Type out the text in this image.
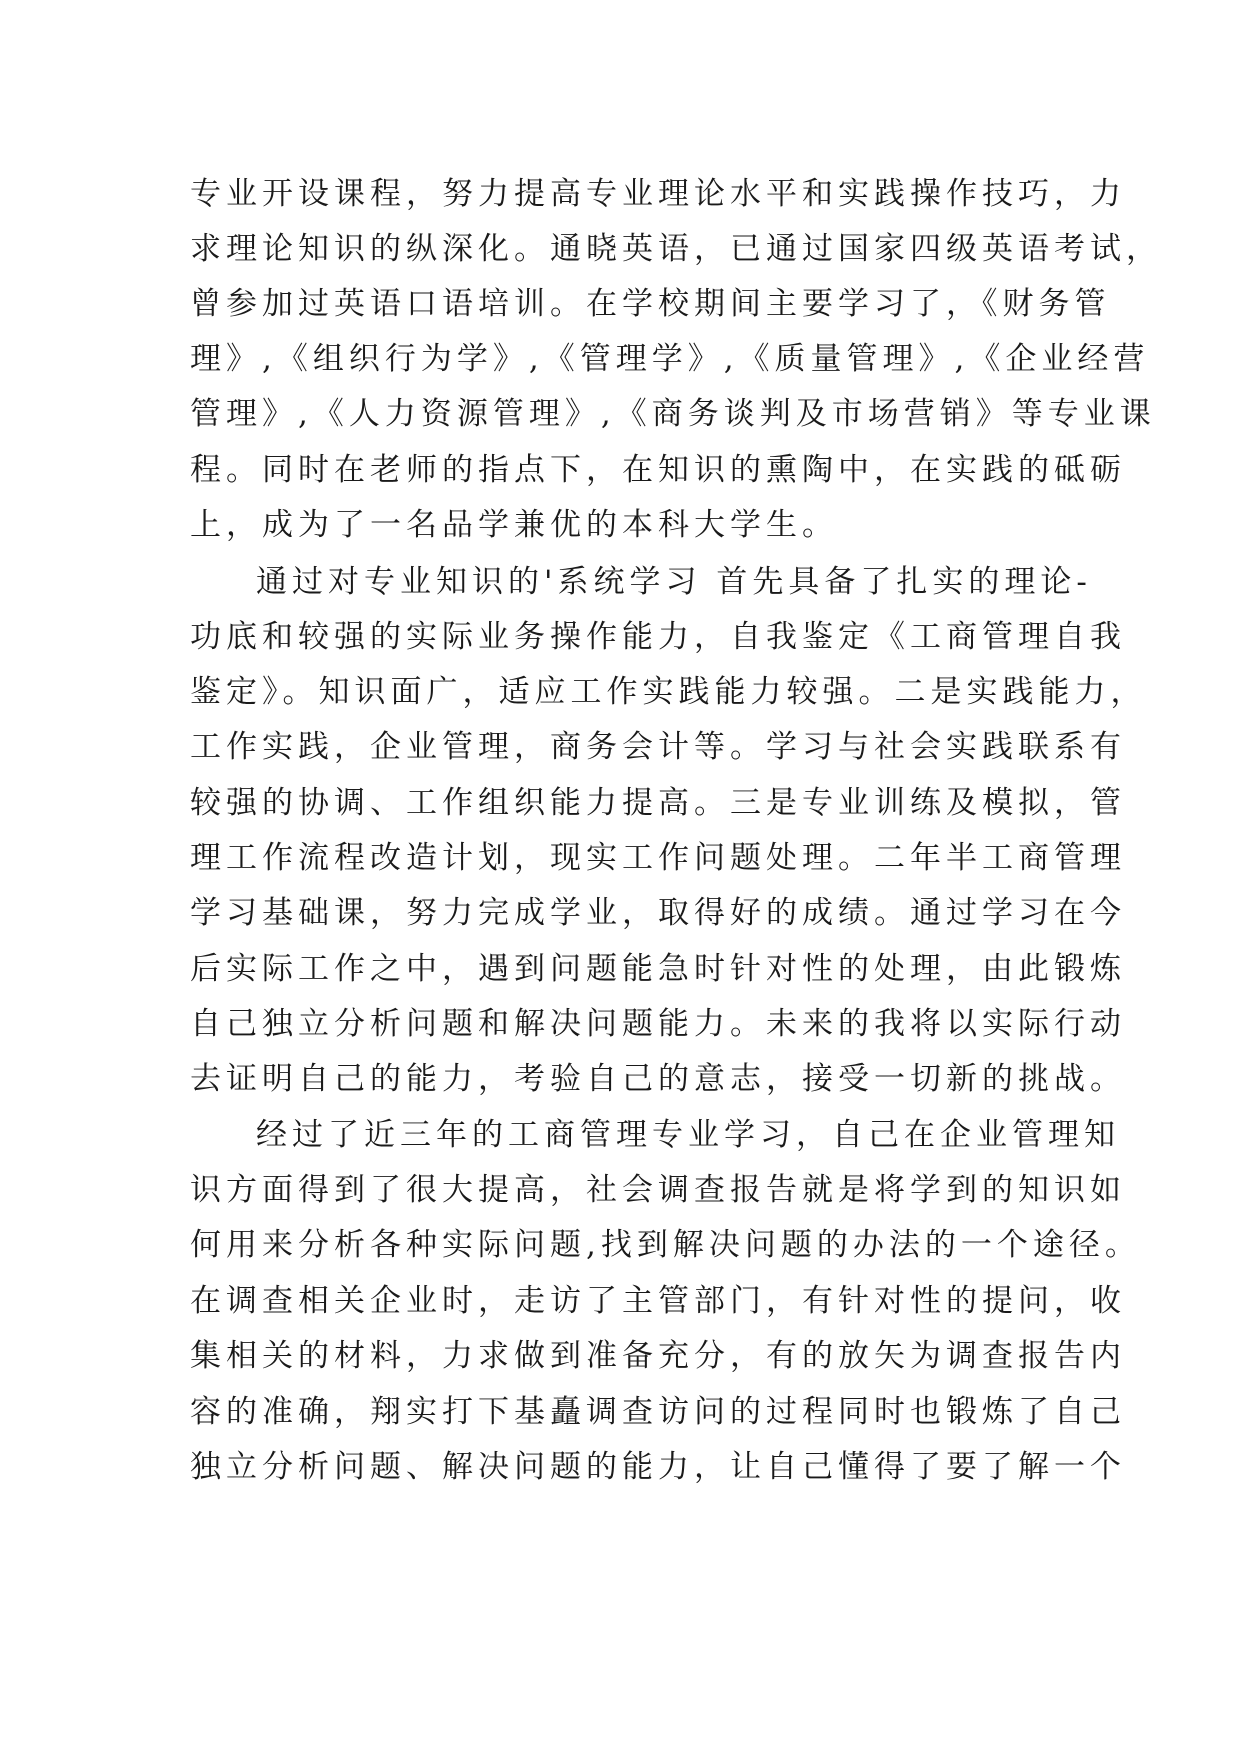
专业开设课程，努力提高专业理论水平和实践操作技巧，力
求理论知识的纵深化。通晓英语，已通过国家四级英语考试，
曾参加过英语口语培训。在学校期间主要学习了，《财务管
理》,《组织行为学》,《管理学》,《质量管理》,《企业经营
管理》,《人力资源管理》,《商务谈判及市场营销》等专业课
程。同时在老师的指点下，在知识的熏陶中，在实践的砥砺
上，成为了一名品学兼优的本科大学生。
通过对专业知识的'系统学习 首先具备了扎实的理论-
功底和较强的实际业务操作能力，自我鉴定《工商管理自我
鉴定》。知识面广，适应工作实践能力较强。二是实践能力，
工作实践，企业管理，商务会计等。学习与社会实践联系有
较强的协调、工作组织能力提高。三是专业训练及模拟，管
理工作流程改造计划，现实工作问题处理。二年半工商管理
学习基础课，努力完成学业，取得好的成绩。通过学习在今
后实际工作之中，遇到问题能急时针对性的处理，由此锻炼
自己独立分析问题和解决问题能力。未来的我将以实际行动
去证明自己的能力，考验自己的意志，接受一切新的挑战。
经过了近三年的工商管理专业学习，自己在企业管理知
识方面得到了很大提高，社会调查报告就是将学到的知识如
何用来分析各种实际问题,找到解决问题的办法的一个途径。
在调查相关企业时，走访了主管部门，有针对性的提问，收
集相关的材料，力求做到准备充分，有的放矢为调查报告内
容的准确，翔实打下基矗调查访问的过程同时也锻炼了自己
独立分析问题、解决问题的能力，让自己懂得了要了解一个
